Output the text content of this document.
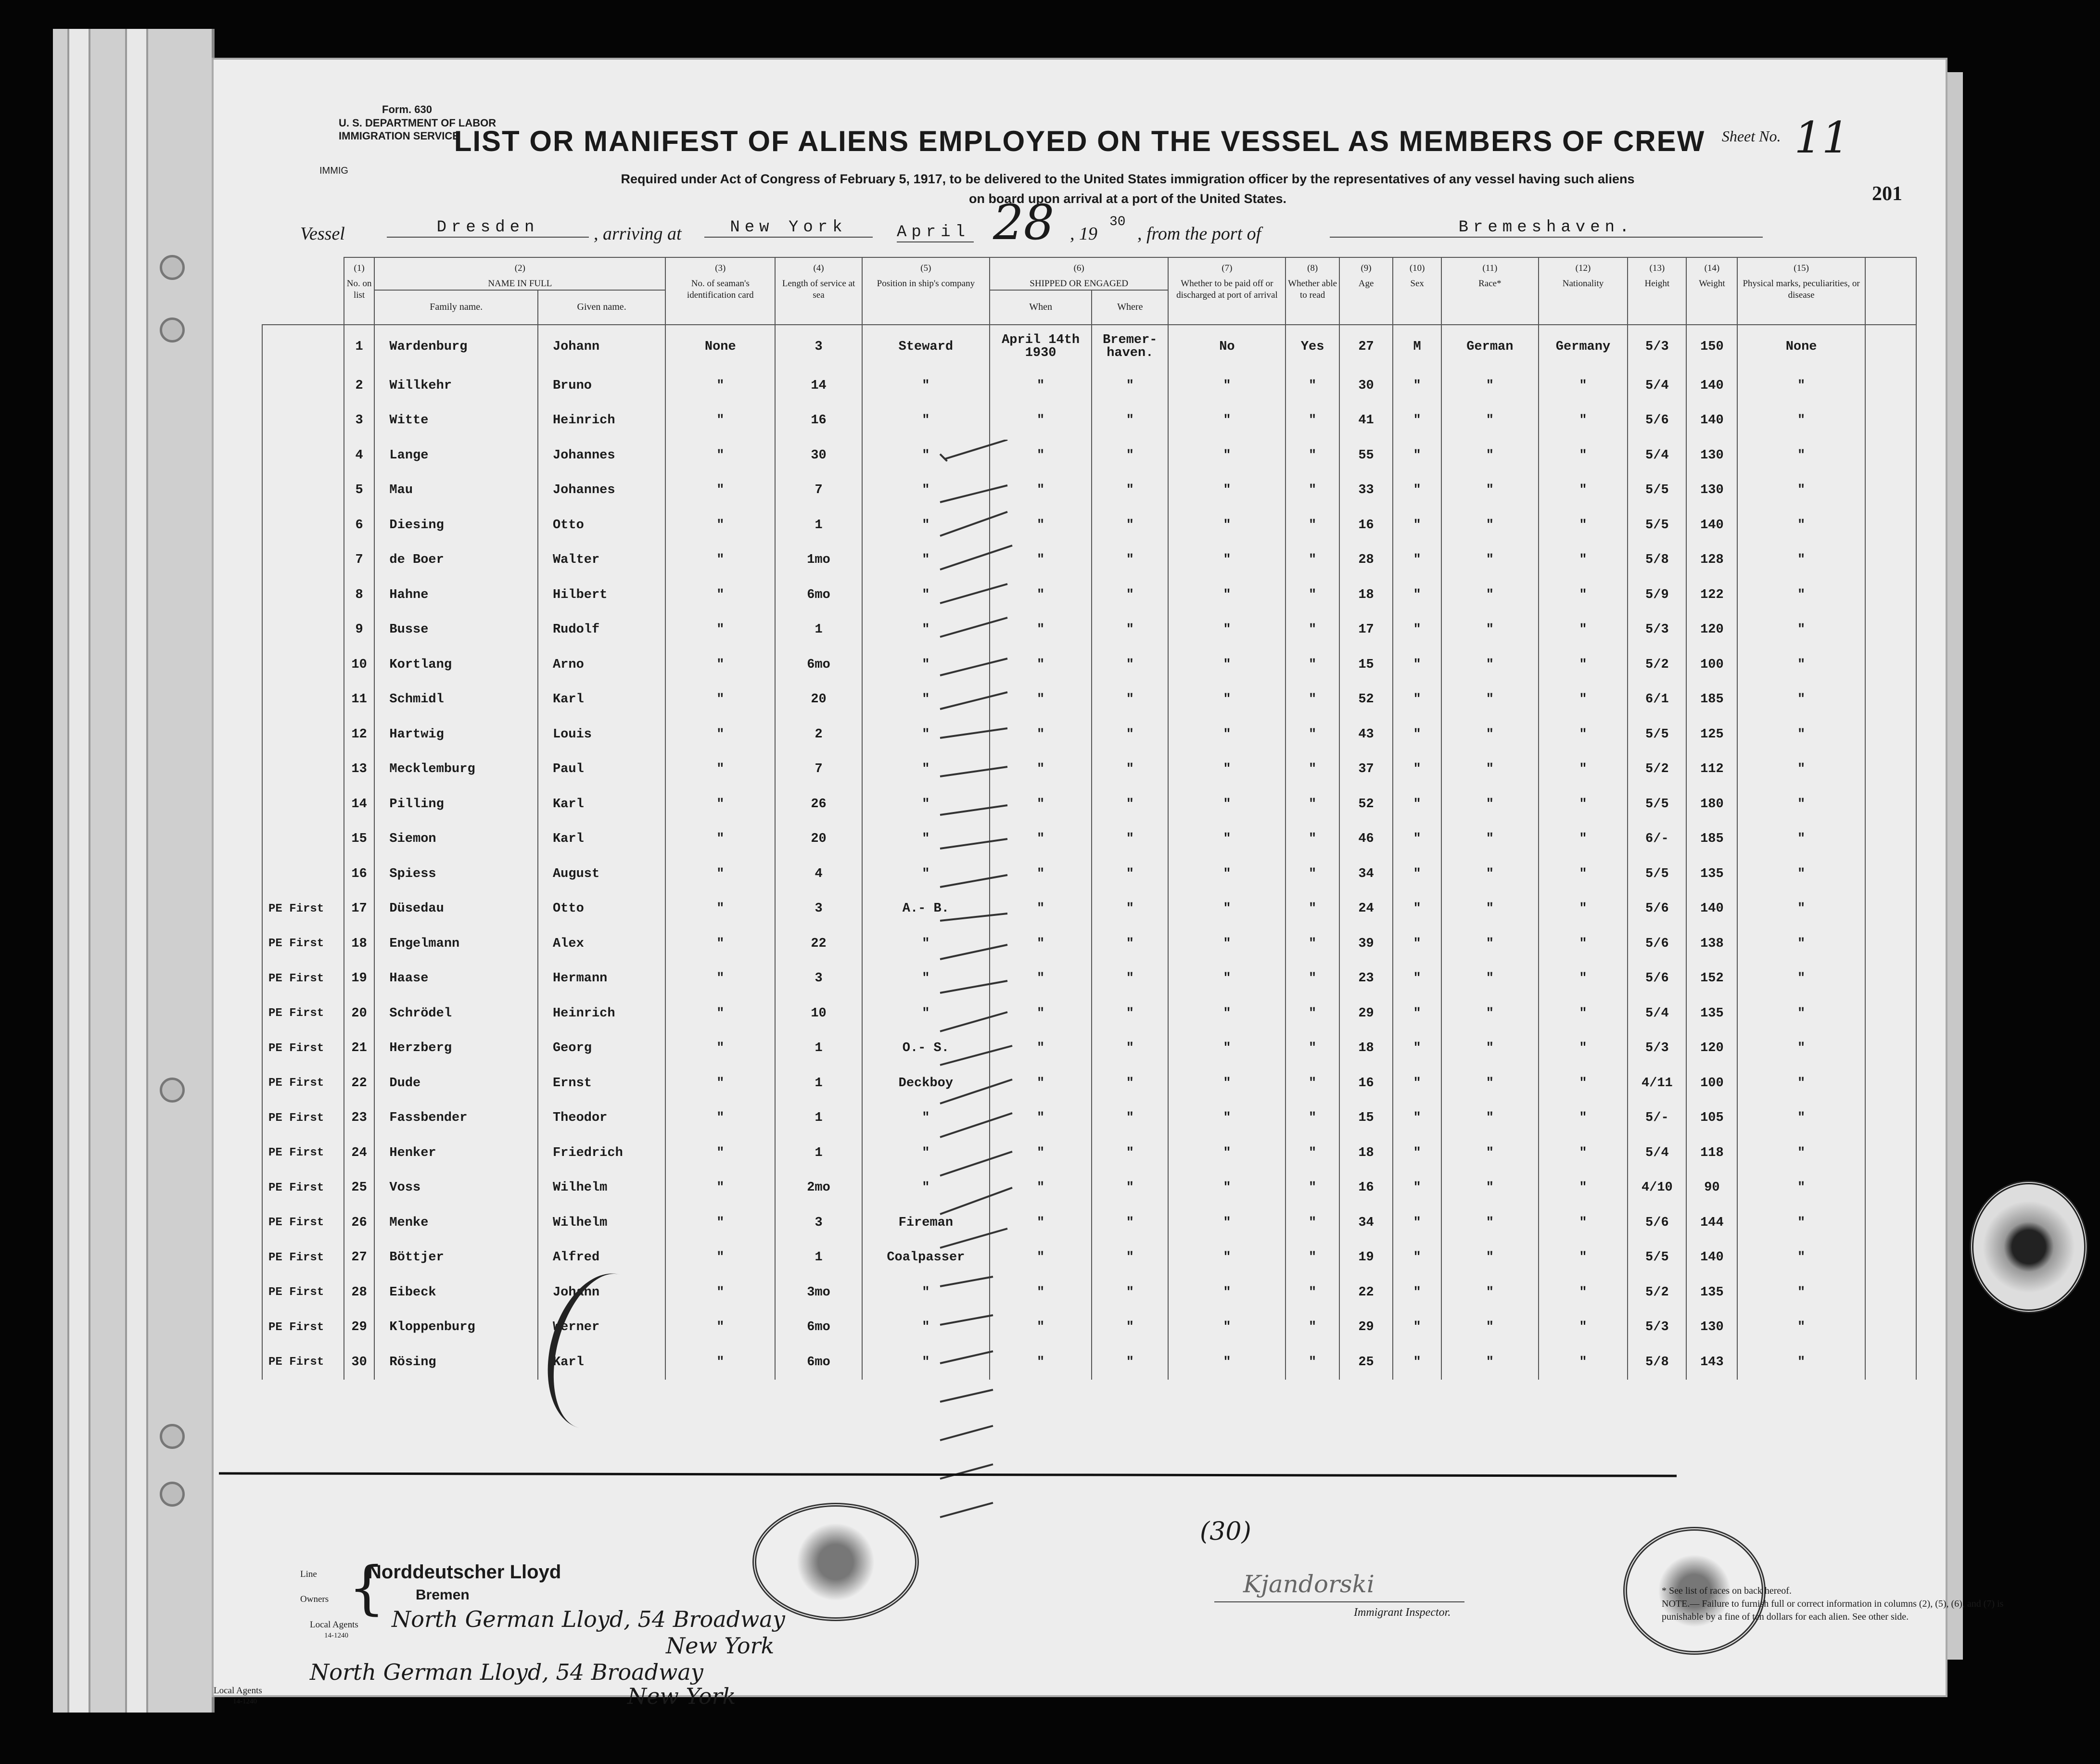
Form. 630
U. S. DEPARTMENT OF LABOR
IMMIGRATION SERVICE
LIST OR MANIFEST OF ALIENS EMPLOYED ON THE VESSEL AS MEMBERS OF CREW	Sheet No. 11
IMMIG
Required under Act of Congress of February 5, 1917, to be delivered to the United States immigration officer by the representatives of any vessel having such aliens
on board upon arrival at a port of the United States.	201
Vessel	Dresden	, arriving at	New York	April 28 , 19
30
, from the port of	Bremeshaven.

	(1)
No. on list	(2)
NAME IN FULL		(3)
No. of seaman's identification card	(4)
Length of service at sea	(5)
Position in ship's company	(6)
SHIPPED OR ENGAGED		(7)
Whether to be paid off or discharged at port of arrival	(8)
Whether able to read	(9)
Age	(10)
Sex	(11)
Race*	(12)
Nationality	(13)
Height	(14)
Weight	(15)
Physical marks, peculiarities, or disease	
		Family name.	Given name.				When	Where										
	1	Wardenburg	Johann	None	3	Steward	April 14th 1930	Bremer-haven.	No	Yes	27	M	German	Germany	5/3	150	None	
	2	Willkehr	Bruno	"	14	"	"	"	"	"	30	"	"	"	5/4	140	"	
	3	Witte	Heinrich	"	16	"	"	"	"	"	41	"	"	"	5/6	140	"	
	4	Lange	Johannes	"	30	"	"	"	"	"	55	"	"	"	5/4	130	"	
	5	Mau	Johannes	"	7	"	"	"	"	"	33	"	"	"	5/5	130	"	
	6	Diesing	Otto	"	1	"	"	"	"	"	16	"	"	"	5/5	140	"	
	7	de Boer	Walter	"	1mo	"	"	"	"	"	28	"	"	"	5/8	128	"	
	8	Hahne	Hilbert	"	6mo	"	"	"	"	"	18	"	"	"	5/9	122	"	
	9	Busse	Rudolf	"	1	"	"	"	"	"	17	"	"	"	5/3	120	"	
	10	Kortlang	Arno	"	6mo	"	"	"	"	"	15	"	"	"	5/2	100	"	
	11	Schmidl	Karl	"	20	"	"	"	"	"	52	"	"	"	6/1	185	"	
	12	Hartwig	Louis	"	2	"	"	"	"	"	43	"	"	"	5/5	125	"	
	13	Mecklemburg	Paul	"	7	"	"	"	"	"	37	"	"	"	5/2	112	"	
	14	Pilling	Karl	"	26	"	"	"	"	"	52	"	"	"	5/5	180	"	
	15	Siemon	Karl	"	20	"	"	"	"	"	46	"	"	"	6/-	185	"	
	16	Spiess	August	"	4	"	"	"	"	"	34	"	"	"	5/5	135	"	
PE First	17	Düsedau	Otto	"	3	A.- B.	"	"	"	"	24	"	"	"	5/6	140	"	
PE First	18	Engelmann	Alex	"	22	"	"	"	"	"	39	"	"	"	5/6	138	"	
PE First	19	Haase	Hermann	"	3	"	"	"	"	"	23	"	"	"	5/6	152	"	
PE First	20	Schrödel	Heinrich	"	10	"	"	"	"	"	29	"	"	"	5/4	135	"	
PE First	21	Herzberg	Georg	"	1	O.- S.	"	"	"	"	18	"	"	"	5/3	120	"	
PE First	22	Dude	Ernst	"	1	Deckboy	"	"	"	"	16	"	"	"	4/11	100	"	
PE First	23	Fassbender	Theodor	"	1	"	"	"	"	"	15	"	"	"	5/-	105	"	
PE First	24	Henker	Friedrich	"	1	"	"	"	"	"	18	"	"	"	5/4	118	"	
PE First	25	Voss	Wilhelm	"	2mo	"	"	"	"	"	16	"	"	"	4/10	90	"	
PE First	26	Menke	Wilhelm	"	3	Fireman	"	"	"	"	34	"	"	"	5/6	144	"	
PE First	27	Böttjer	Alfred	"	1	Coalpasser	"	"	"	"	19	"	"	"	5/5	140	"	
PE First	28	Eibeck	Johann	"	3mo	"	"	"	"	"	22	"	"	"	5/2	135	"	
PE First	29	Kloppenburg	Werner	"	6mo	"	"	"	"	"	29	"	"	"	5/3	130	"	
PE First	30	Rösing	Karl	"	6mo	"	"	"	"	"	25	"	"	"	5/8	143	"	
Line
Owners {
Norddeutscher Lloyd
Bremen
Local Agents
14-1240
North German Lloyd, 54 Broadway
New York
Local Agents
14-1240
North German Lloyd, 54 Broadway
New York
(30)
Kjandorski
Immigrant Inspector.
* See list of races on back hereof.
NOTE.— Failure to furnish full or correct information in columns (2), (5), (6), and (7) is punishable by a fine of ten dollars for each alien. See other side.
